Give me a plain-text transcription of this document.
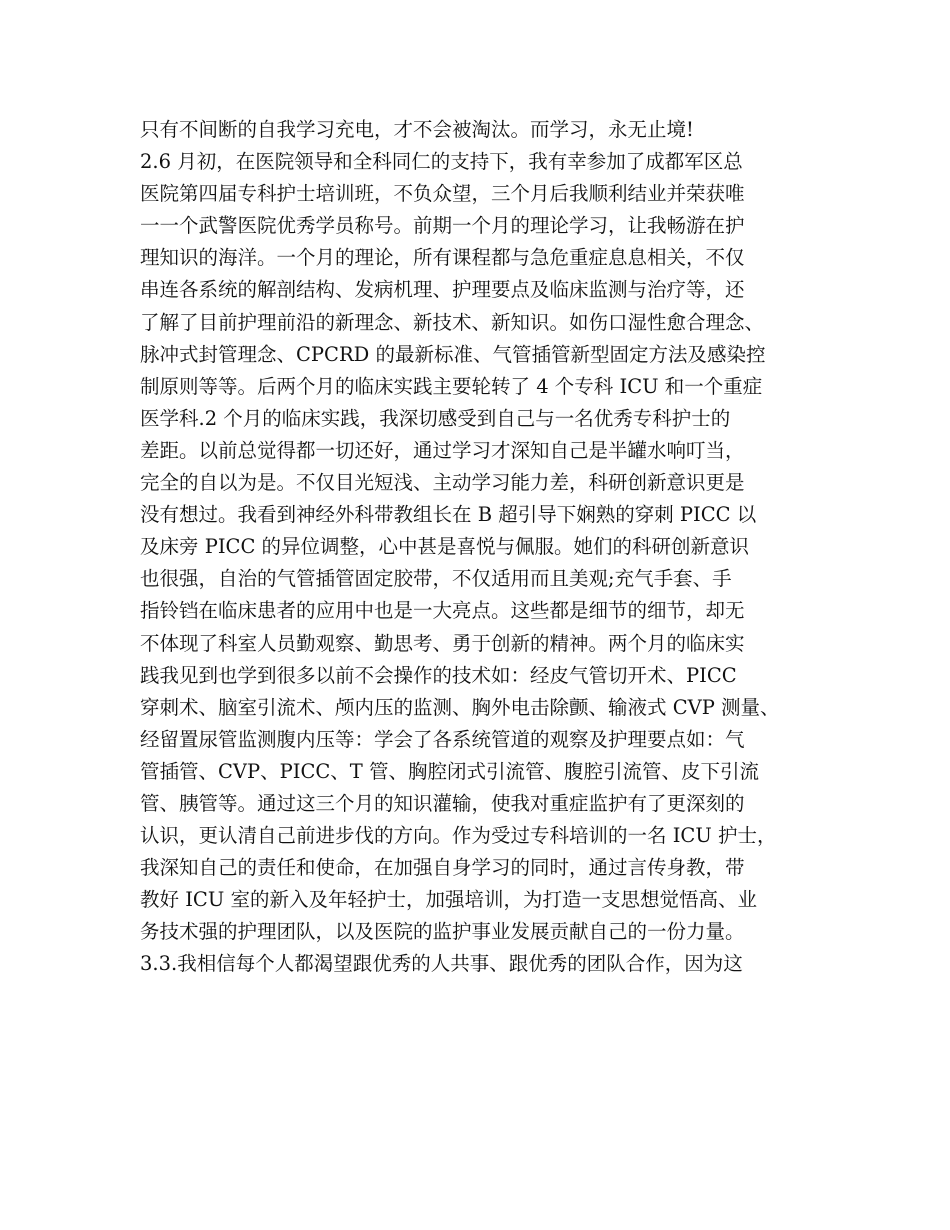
只有不间断的自我学习充电，才不会被淘汰。而学习，永无止境!
2.6 月初，在医院领导和全科同仁的支持下，我有幸参加了成都军区总
医院第四届专科护士培训班，不负众望，三个月后我顺利结业并荣获唯
一一个武警医院优秀学员称号。前期一个月的理论学习，让我畅游在护
理知识的海洋。一个月的理论，所有课程都与急危重症息息相关，不仅
串连各系统的解剖结构、发病机理、护理要点及临床监测与治疗等，还
了解了目前护理前沿的新理念、新技术、新知识。如伤口湿性愈合理念、
脉冲式封管理念、CPCRD 的最新标准、气管插管新型固定方法及感染控
制原则等等。后两个月的临床实践主要轮转了 4 个专科 ICU 和一个重症
医学科.2 个月的临床实践，我深切感受到自己与一名优秀专科护士的
差距。以前总觉得都一切还好，通过学习才深知自己是半罐水响叮当，
完全的自以为是。不仅目光短浅、主动学习能力差，科研创新意识更是
没有想过。我看到神经外科带教组长在 B 超引导下娴熟的穿刺 PICC 以
及床旁 PICC 的异位调整，心中甚是喜悦与佩服。她们的科研创新意识
也很强，自治的气管插管固定胶带，不仅适用而且美观;充气手套、手
指铃铛在临床患者的应用中也是一大亮点。这些都是细节的细节，却无
不体现了科室人员勤观察、勤思考、勇于创新的精神。两个月的临床实
践我见到也学到很多以前不会操作的技术如：经皮气管切开术、PICC
穿刺术、脑室引流术、颅内压的监测、胸外电击除颤、输液式 CVP 测量、
经留置尿管监测腹内压等：学会了各系统管道的观察及护理要点如：气
管插管、CVP、PICC、T 管、胸腔闭式引流管、腹腔引流管、皮下引流
管、胰管等。通过这三个月的知识灌输，使我对重症监护有了更深刻的
认识，更认清自己前进步伐的方向。作为受过专科培训的一名 ICU 护士，
我深知自己的责任和使命，在加强自身学习的同时，通过言传身教，带
教好 ICU 室的新入及年轻护士，加强培训，为打造一支思想觉悟高、业
务技术强的护理团队，以及医院的监护事业发展贡献自己的一份力量。
3.3.我相信每个人都渴望跟优秀的人共事、跟优秀的团队合作，因为这
